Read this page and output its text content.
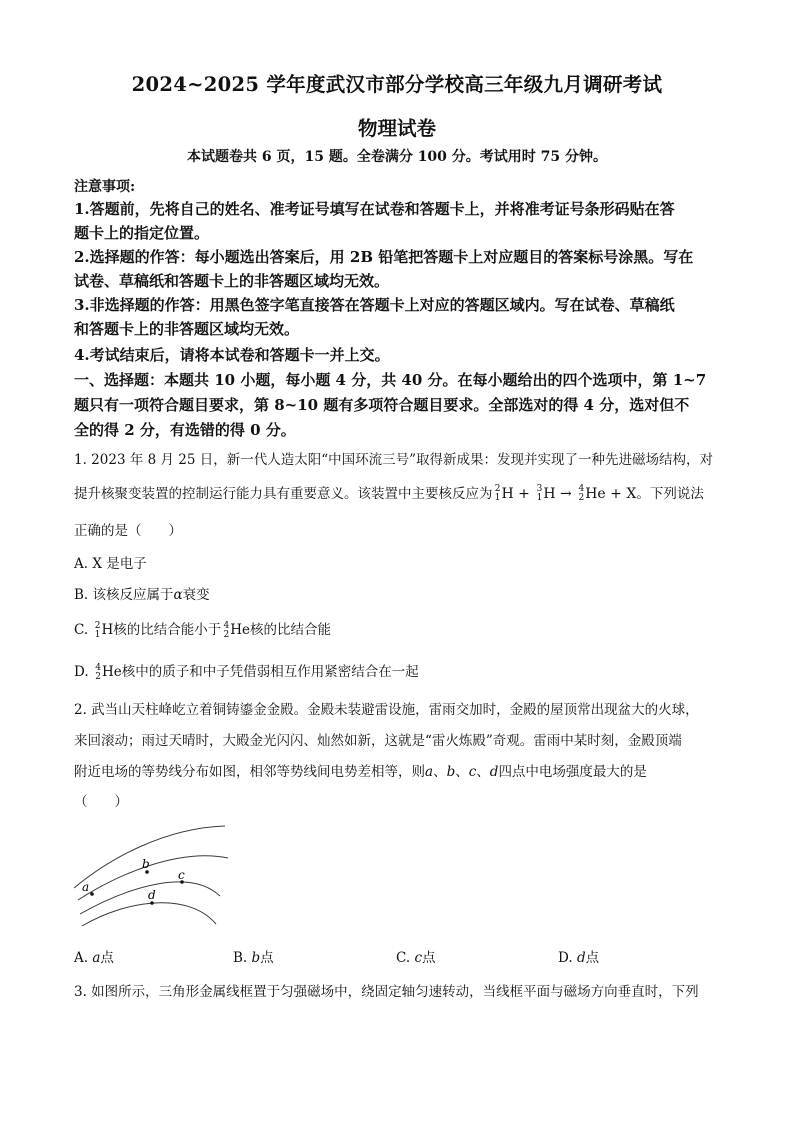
2024~2025 学年度武汉市部分学校高三年级九月调研考试
物理试卷
本试题卷共 6 页，15 题。全卷满分 100 分。考试用时 75 分钟。
注意事项:
1.答题前，先将自己的姓名、准考证号填写在试卷和答题卡上，并将准考证号条形码贴在答
题卡上的指定位置。
2.选择题的作答：每小题选出答案后，用 2B 铅笔把答题卡上对应题目的答案标号涂黑。写在
试卷、草稿纸和答题卡上的非答题区域均无效。
3.非选择题的作答：用黑色签字笔直接答在答题卡上对应的答题区域内。写在试卷、草稿纸
和答题卡上的非答题区域均无效。
4.考试结束后，请将本试卷和答题卡一并上交。
一、选择题：本题共 10 小题，每小题 4 分，共 40 分。在每小题给出的四个选项中，第 1~7
题只有一项符合题目要求，第 8~10 题有多项符合题目要求。全部选对的得 4 分，选对但不
全的得 2 分，有选错的得 0 分。
1. 2023 年 8 月 25 日，新一代人造太阳“中国环流三号”取得新成果：发现并实现了一种先进磁场结构，对
提升核聚变装置的控制运行能力具有重要意义。该装置中主要核反应为 2
1 H + 3
1 H → 4
2 He + X。下列说法
正确的是（　　）
A. X 是电子
B. 该核反应属于α衰变
C. 2
1 H核的比结合能小于 4
2 He核的比结合能
D. 4
2 He核中的质子和中子凭借弱相互作用紧密结合在一起
2. 武当山天柱峰屹立着铜铸鎏金金殿。金殿未装避雷设施，雷雨交加时，金殿的屋顶常出现盆大的火球，
来回滚动；雨过天晴时，大殿金光闪闪、灿然如新，这就是“雷火炼殿”奇观。雷雨中某时刻，金殿顶端
附近电场的等势线分布如图，相邻等势线间电势差相等，则a、b、c、d四点中电场强度最大的是
（　　）
a
b
c
d
A. a点	B. b点	C. c点	D. d点
3. 如图所示，三角形金属线框置于匀强磁场中，绕固定轴匀速转动，当线框平面与磁场方向垂直时，下列
